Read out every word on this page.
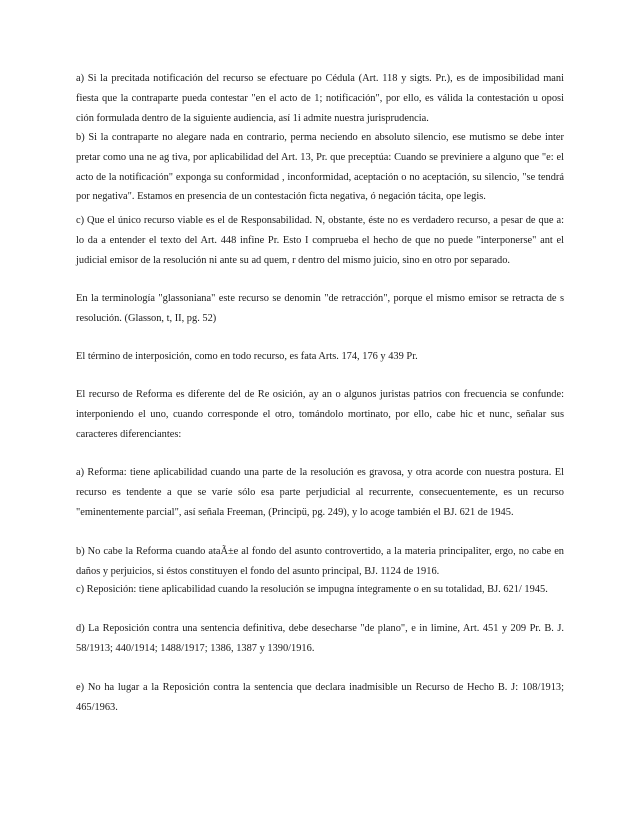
a) Si la precitada notificación del recurso se efectuare po Cédula (Art. 118 y sigts. Pr.), es de imposibilidad mani fiesta que la contraparte pueda contestar "en el acto de 1; notificación", por ello, es válida la contestación u oposi ción formulada dentro de la siguiente audiencia, así 1i admite nuestra jurisprudencia.

b) Si la contraparte no alegare nada en contrario, perma neciendo en absoluto silencio, ese mutismo se debe inter pretar como una ne ag tiva, por aplicabilidad del Art. 13, Pr. que preceptúa: Cuando se previniere a alguno que "e: el acto de la notificación" exponga su conformidad , inconformidad, aceptación o no aceptación, su silencio, "se tendrá por negativa". Estamos en presencia de un contestación ficta negativa, ó negación tácita, ope legis.

c) Que el único recurso viable es el de Responsabilidad. N, obstante, éste no es verdadero recurso, a pesar de que a: lo da a entender el texto del Art. 448 infine Pr. Esto I comprueba el hecho de que no puede "interponerse" ant el judicial emisor de la resolución ni ante su ad quem, r dentro del mismo juicio, sino en otro por separado.

En la terminología "glassoniana" este recurso se denomin "de retracción", porque el mismo emisor se retracta de s resolución. (Glasson, t, II, pg. 52)

El término de interposición, como en todo recurso, es fata Arts. 174, 176 y 439 Pr.

El recurso de Reforma es diferente del de Re osición, ay an o algunos juristas patrios con frecuencia se confunde: interponiendo el uno, cuando corresponde el otro, tomándolo mortinato, por ello, cabe hic et nunc, señalar sus caracteres diferenciantes:

a) Reforma: tiene aplicabilidad cuando una parte de la resolución es gravosa, y otra acorde con nuestra postura. El recurso es tendente a que se varíe sólo esa parte perjudicial al recurrente, consecuentemente, es un recurso "eminentemente parcial", así señala Freeman, (Principü, pg. 249), y lo acoge también el BJ. 621 de 1945.

b) No cabe la Reforma cuando ataÃ±e al fondo del asunto controvertido, a la materia principaliter, ergo, no cabe en daños y perjuicios, si éstos constituyen el fondo del asunto principal, BJ. 1124 de 1916.

c) Reposición: tiene aplicabilidad cuando la resolución se impugna íntegramente o en su totalidad, BJ. 621/ 1945.

d) La Reposición contra una sentencia definitiva, debe desecharse "de plano", e in limine, Art. 451 y 209 Pr. B. J. 58/1913; 440/1914; 1488/1917; 1386, 1387 y 1390/1916.

e) No ha lugar a la Reposición contra la sentencia que declara inadmisible un Recurso de Hecho B. J: 108/1913; 465/1963.
